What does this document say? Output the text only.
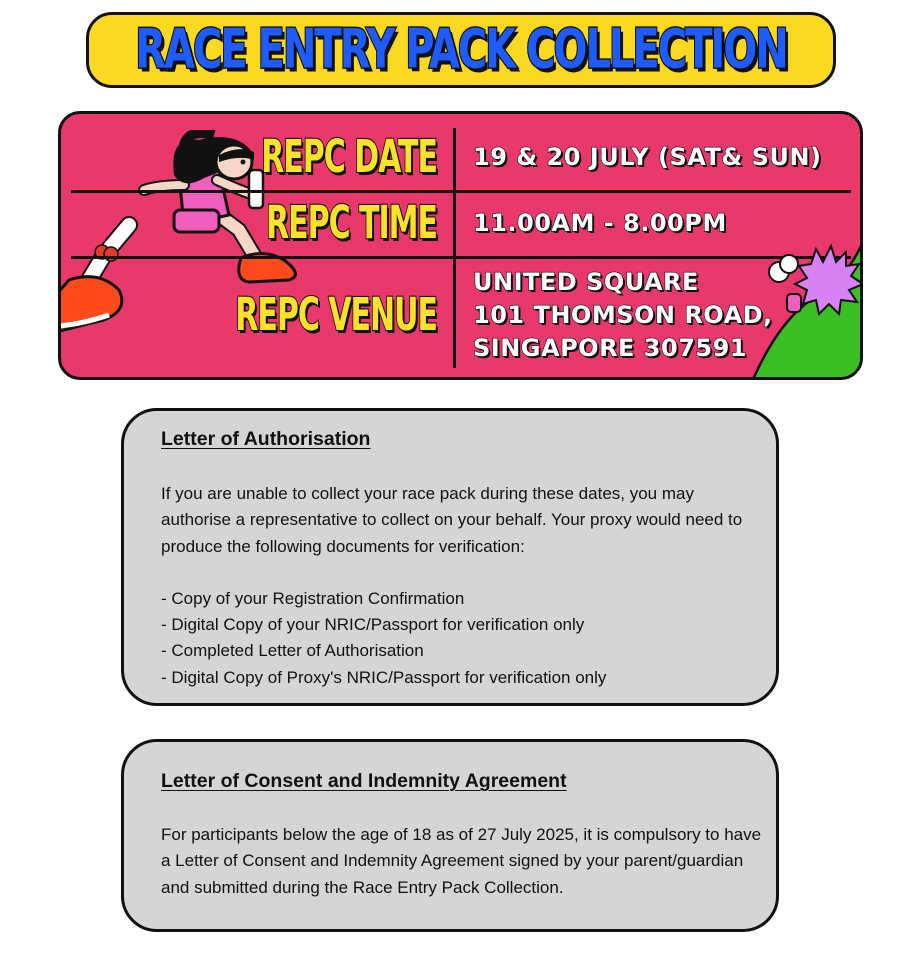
RACE ENTRY PACK COLLECTION
REPC DATE 19 & 20 JULY (SAT& SUN)
REPC TIME 11.00AM - 8.00PM
REPC VENUE
UNITED SQUARE
101 THOMSON ROAD,
SINGAPORE 307591
Letter of Authorisation

If you are unable to collect your race pack during these dates, you may authorise a representative to collect on your behalf. Your proxy would need to produce the following documents for verification:

- Copy of your Registration Confirmation
- Digital Copy of your NRIC/Passport for verification only
- Completed Letter of Authorisation
- Digital Copy of Proxy's NRIC/Passport for verification only
Letter of Consent and Indemnity Agreement
For participants below the age of 18 as of 27 July 2025, it is compulsory to have a Letter of Consent and Indemnity Agreement signed by your parent/guardian and submitted during the Race Entry Pack Collection.
